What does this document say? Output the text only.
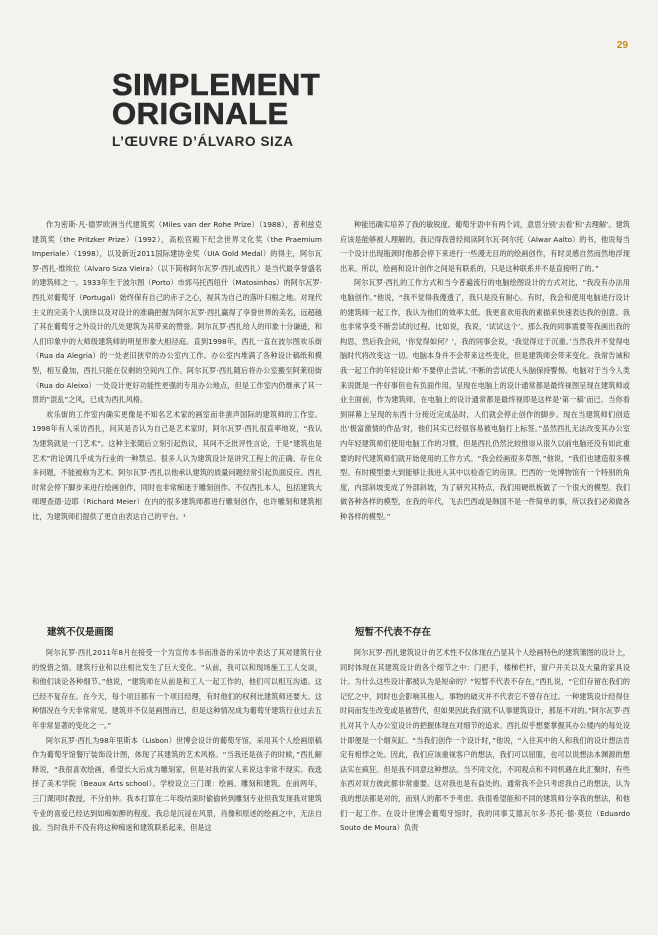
29
SIMPLEMENT
ORIGINALE
L’ŒUVRE D’ÁLVARO SIZA

作为密斯·凡·德罗欧洲当代建筑奖（Miles van der Rohe Prize）（1988），普利兹克建筑奖（the Pritzker Prize）（1992），高松宫殿下纪念世界文化奖（the Praemium Imperiale）（1998），以及新近2011国际建协金奖（UIA Gold Medal）的得主，阿尔瓦罗·西扎·维埃拉（Alvaro Siza Vieira）（以下简称阿尔瓦罗·西扎或西扎）是当代最享誉盛名的建筑师之一。1933年生于波尔图（Porto）市郊马托西纽什（Matosinhos）的阿尔瓦罗·西扎对葡萄牙（Portugal）始终保有自己的赤子之心，视其为自己的落叶归根之地。对现代主义的完美个人演绎以及对设计的准确把握为阿尔瓦罗·西扎赢得了享誉世界的美名，远超越了其在葡萄牙之外设计的几处建筑为其带来的赞誉。阿尔瓦罗·西扎给人的印象十分谦逊，和人们印象中的大师级建筑师的明星形象大相径庭。直到1998年，西扎一直在波尔图欢乐街（Rua da Alegria）的一处老旧狭窄的办公室内工作。办公室内堆满了各种设计稿纸和模型，相互叠加，西扎只能在仅剩的空间内工作。阿尔瓦罗·西扎随后将办公室搬至阿莱纽街（Rua do Aleixo）一处设计更好功能性更强的专用办公地点，但是工作室内仍继承了其一贯的“混乱”之风，已成为西扎风格。

欢乐街的工作室内确实更像是不知名艺术家的画室而非蜚声国际的建筑师的工作室。1998年有人采访西扎，问其是否认为自己是艺术家时，阿尔瓦罗·西扎很直率地说，“我认为建筑就是一门艺术”。这种主张随后立刻引起热议，其间不乏批评性言论，于是“建筑也是艺术”的论调几乎成为行业的一种禁忌。很多人认为建筑设计是讲究工程上的正确、存在众多问题，不能被称为艺术。阿尔瓦罗·西扎以他承认建筑的质量问题经常引起负面反应。西扎时常会停下脚步来进行绘画创作，同时也非常痴迷于雕刻创作。不仅西扎本人，包括建筑大师理查德·迈耶（Richard Meier）在内的很多建筑师都进行雕刻创作，也许雕刻和建筑相比，为建筑师们提供了更自由表达自己的平台。¹

种能迅确实培养了我的敏锐度。葡萄牙语中有两个词，意思分别‘去看’和‘去理解’。建筑应该是能够被人理解的。我记得我曾经阅读阿尔瓦·阿尔托（Alwar Aalto）的书，他说每当一个设计出现瓶颈时他都会停下来进行一些漫无目的的绘画创作，有时灵感自然而然地浮现出来。所以，绘画和设计创作之间是有联系的，只是这种联系并不是直接明了的。”

阿尔瓦罗·西扎的工作方式和当今普遍流行的电脑绘图设计的方式对比，“我没有办法用电脑创作。”他说，“我不觉得我傻透了，我只是没有耐心。有时，我会和使用电脑进行设计的建筑师一起工作，我认为他们的效率太低。我更喜欢用我的素描来快速表达我的创意。我也非常享受不断尝试的过程。比如说，我说，‘试试这个’。那么我的同事需要等我画出我的构思，然后我会问，‘你觉得如何？’，我的同事会说，‘我觉得过于沉重。’当然我并不觉得电脑时代将改变这一切。电脑本身并不会带来这些变化，但是建筑师会带来变化。我常告诫和我一起工作的年轻设计师‘不要停止尝试。’不断的尝试使人头脑保持警惕。电脑对于当今人类来说既是一件好事但也有负面作用。呈现在电脑上的设计通常都是最终视图呈现在建筑师或业主面前，作为建筑师，在电脑上的设计通常都是最终视即是这样是‘第一稿’而已。当你看到屏幕上呈现的东西十分接近完成品时，人们就会停止创作的脚步。现在当建筑师们创造出‘极富激情的作品’时，他们其实已经很容易被电脑打上标签。”虽然西扎无法改变其办公室内年轻建筑师们使用电脑工作的习惯，但是西扎仍然比较推崇从很久以前电脑还没有如此重要的时代建筑师们就开始使用的工作方式。“我会经画很多草图，”他说，“我们也建造很多模型。有时模型要大到能够让我进入其中以检查它的房顶。巴西的一处博物馆有一个特别的角度，内部斜坡变成了外部斜坡，为了研究其特点，我们用硬纸板做了一个很大的模型。我们做各种各样的模型，在我的年代，飞去巴西或是韩国不是一件简单的事，所以我们必须做各种各样的模型。”

建筑不仅是画图	短暂不代表不存在

阿尔瓦罗·西扎2011年8月在接受一个为宣传本书而准备的采访中表达了其对建筑行业的悦惜之情。建筑行业和以往相比发生了巨大变化。“从前，我可以和现场施工工人交谈，和他们谈论各种细节。”他说，“建筑师在从前是和工人一起工作的，他们可以相互沟通。这已经不复存在。在今天，每个项目都有一个项目经理，有时他们的权利比建筑师还要大。这种情况在今天非常常见。建筑并不仅是画图而已，但是这种情况成为葡萄牙建筑行业过去五年非常显著的变化之一。”

阿尔瓦罗·西扎为98年里斯本（Lisbon）世博会设计的葡萄牙馆，采用其个人绘画原稿作为葡萄牙馆餐厅装饰设计图，体现了其建筑的艺术风格。“当我还是孩子的时候，”西扎解释说，“我很喜欢绘画，希望长大后成为雕刻家，但是对我的家人来说这非常不现实。我选择了美术学院（Beaux Arts school）。学校设立三门课：绘画、雕刻和建筑。在前两年，三门课同时教授，不分伯仲。我本打算在二年级结束时偷偷转到雕刻专业但我发现我对建筑专业的喜爱已经达到如痴如醉的程度。我总是沉浸在风景，肖像和原述的绘画之中，无法自拔。当时我并不没有将这种痴迷和建筑联系起来，但是这

阿尔瓦罗·西扎建筑设计的艺术性不仅体现在凸显其个人绘画特色的建筑雏图的设计上，同时体现在其建筑设计的各个细节之中：门把手，楼梯栏杆，窗户开关以及大量的家具设计。为什么这些设计都被认为是短命的？“短暂不代表不存在，”西扎说，“它们存留在我们的记忆之中，同时也会影响其他人。事物的破灭并不代表它不曾存在过。一种建筑设计经得住时间而发生改变或是被替代，但如果因此我们就不认事建筑设计，那是不对的。”阿尔瓦罗·西扎对其个人办公室设计的把握体现在对细节的追求。西扎似乎想要掌握其办公楼内的每处设计即便是一个烟灰缸。“当我们创作一个设计时，”他说，“入住其中的人和我们的设计想法肯定有相悖之处。因此，我们应该重视客户的想法，我们可以屈服，也可以说想法本渊源的想法实在疯狂。但是我不同意这种想法。当不同文化，不同观点和不同机遇在此汇聚时，有些东西对双方彼此都非常重要。这对我也是有益处的。通常我不会只考虑我自己的想法，认为我的想法都是对的，而别人的都不予考虑。我很希望能和不同的建筑师分享我的想法，和他们一起工作。在设计世博会葡萄牙馆时，我的同事艾德瓦尔多·苏托·德·莫拉（Eduardo Souto de Moura）负责
